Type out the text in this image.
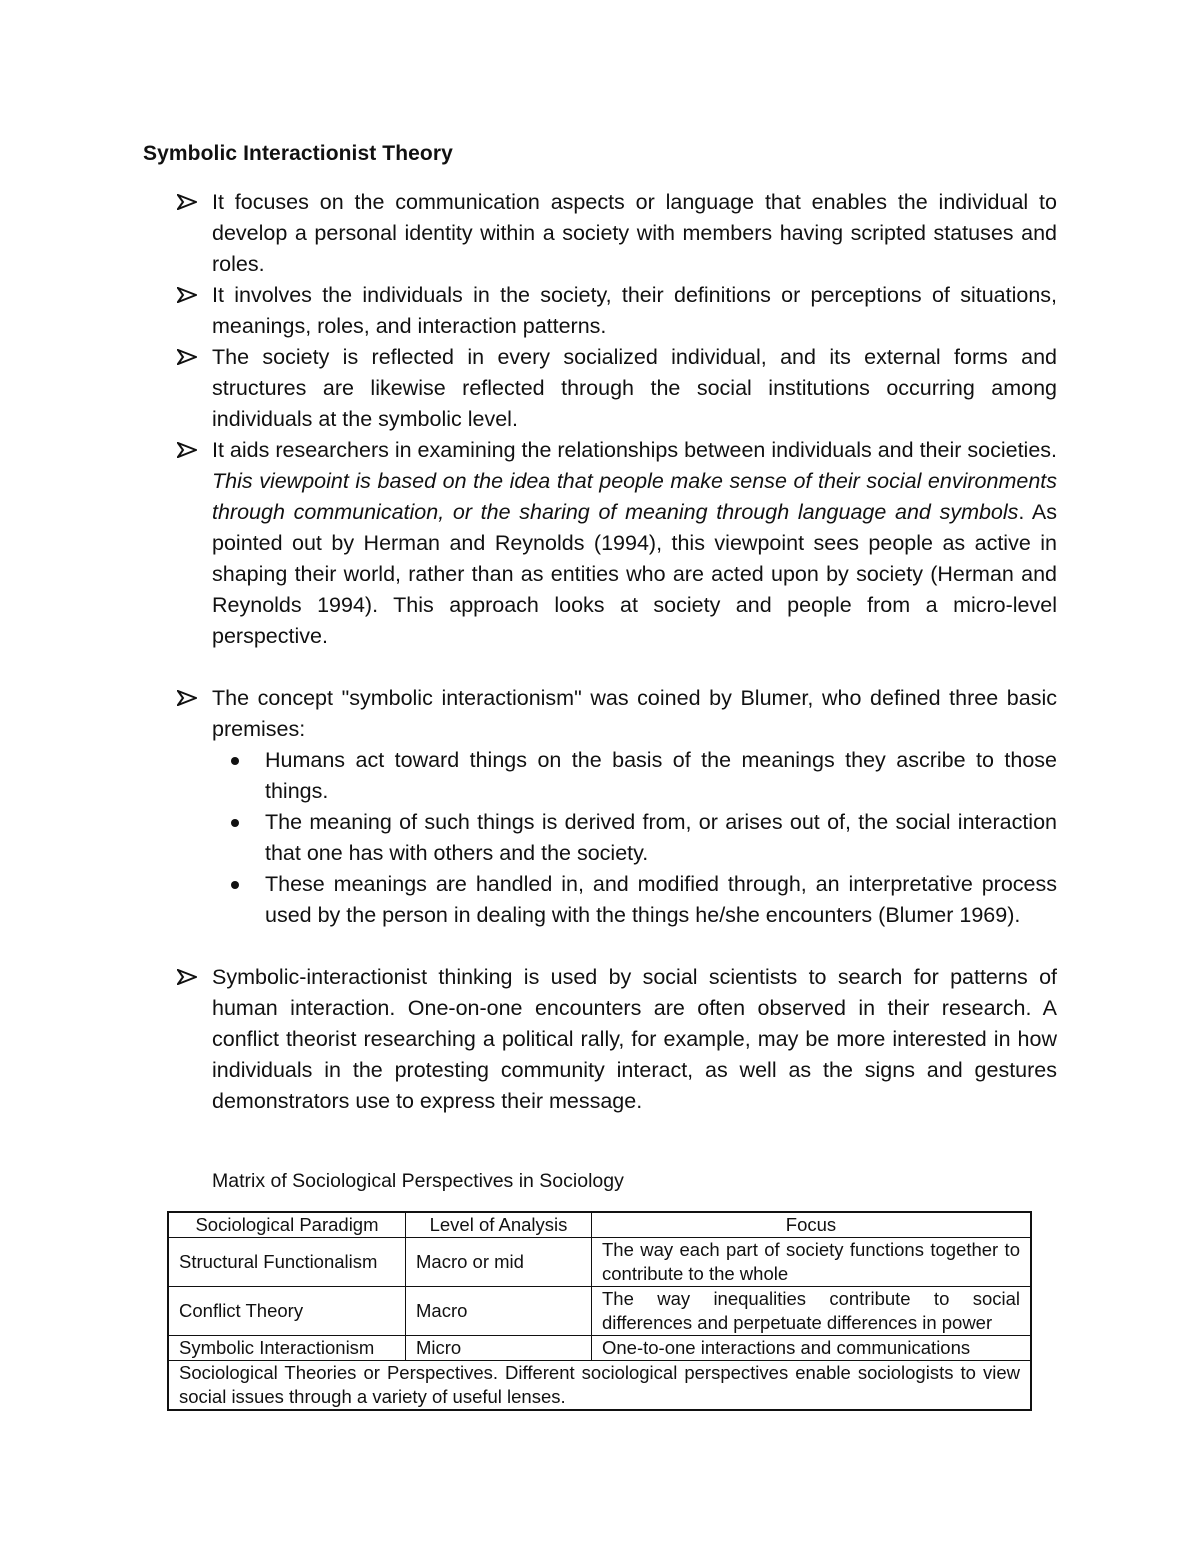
Symbolic Interactionist Theory
It focuses on the communication aspects or language that enables the individual to develop a personal identity within a society with members having scripted statuses and roles.
It involves the individuals in the society, their definitions or perceptions of situations, meanings, roles, and interaction patterns.
The society is reflected in every socialized individual, and its external forms and structures are likewise reflected through the social institutions occurring among individuals at the symbolic level.
It aids researchers in examining the relationships between individuals and their societies. This viewpoint is based on the idea that people make sense of their social environments through communication, or the sharing of meaning through language and symbols. As pointed out by Herman and Reynolds (1994), this viewpoint sees people as active in shaping their world, rather than as entities who are acted upon by society (Herman and Reynolds 1994). This approach looks at society and people from a micro-level perspective.
The concept "symbolic interactionism" was coined by Blumer, who defined three basic premises:
Humans act toward things on the basis of the meanings they ascribe to those things.
The meaning of such things is derived from, or arises out of, the social interaction that one has with others and the society.
These meanings are handled in, and modified through, an interpretative process used by the person in dealing with the things he/she encounters (Blumer 1969).
Symbolic-interactionist thinking is used by social scientists to search for patterns of human interaction. One-on-one encounters are often observed in their research. A conflict theorist researching a political rally, for example, may be more interested in how individuals in the protesting community interact, as well as the signs and gestures demonstrators use to express their message.
Matrix of Sociological Perspectives in Sociology
Sociological Paradigm	Level of Analysis	Focus
Structural Functionalism	Macro or mid	The way each part of society functions together to contribute to the whole
Conflict Theory	Macro	The way inequalities contribute to social differences and perpetuate differences in power
Symbolic Interactionism	Micro	One-to-one interactions and communications
Sociological Theories or Perspectives. Different sociological perspectives enable sociologists to view social issues through a variety of useful lenses.		
